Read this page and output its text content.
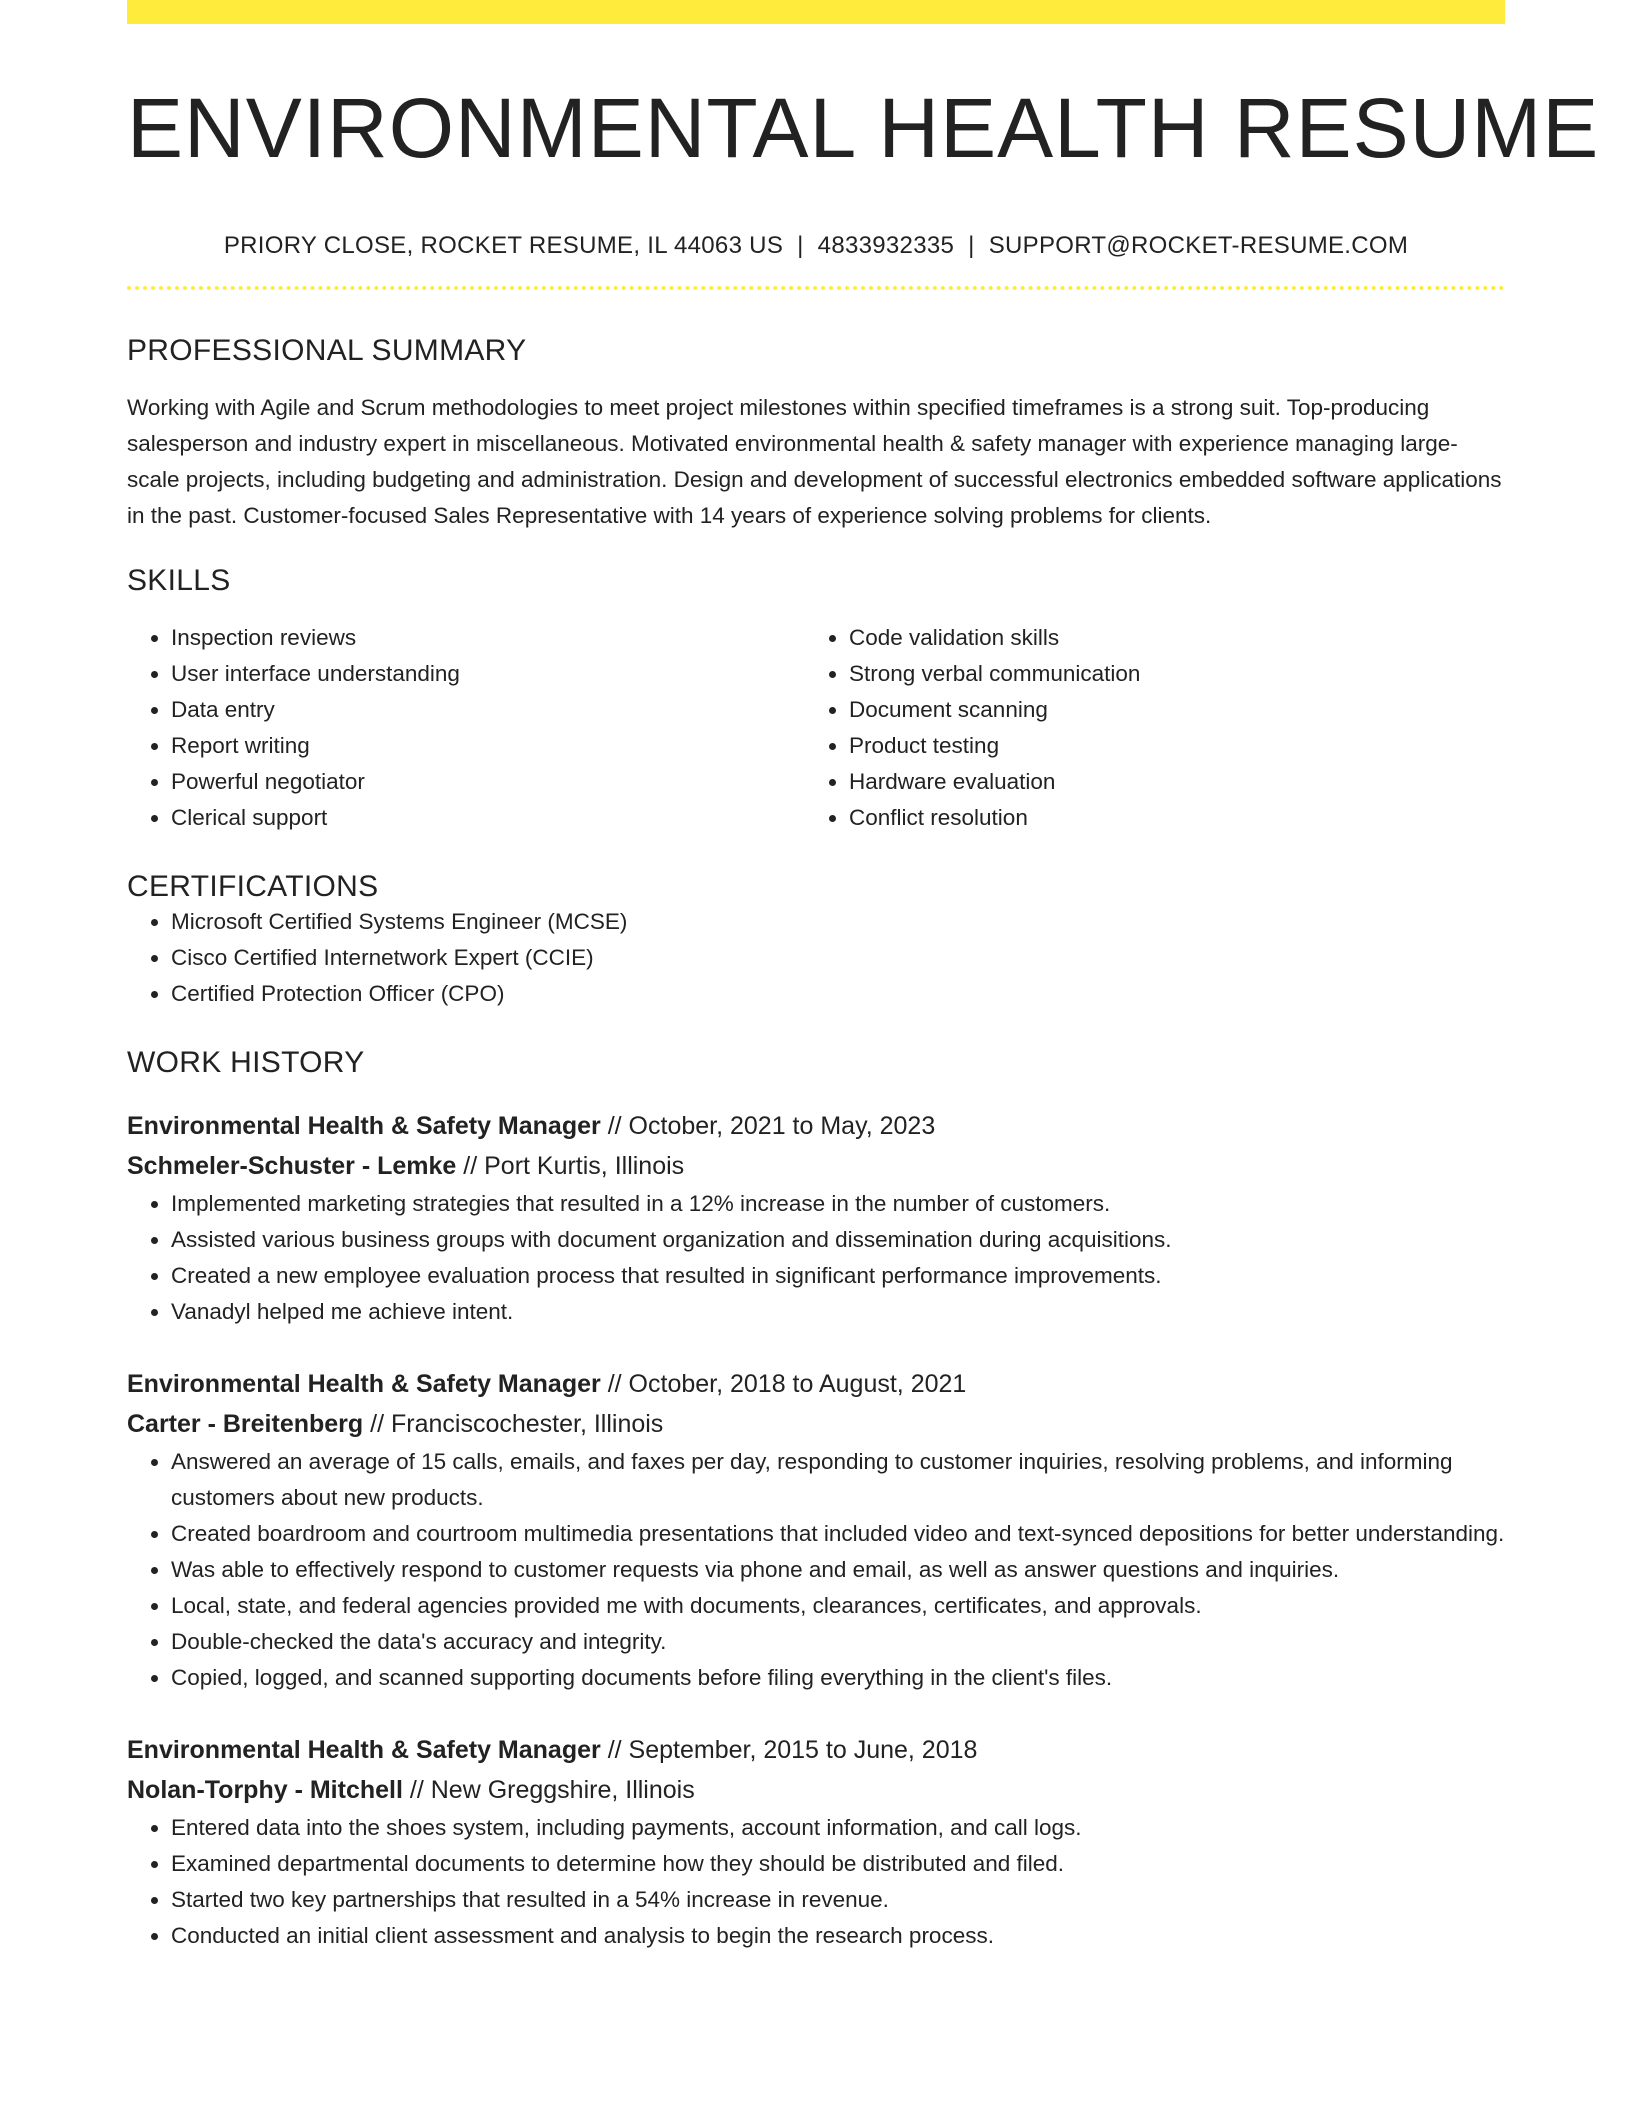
ENVIRONMENTAL HEALTH RESUME
PRIORY CLOSE, ROCKET RESUME, IL 44063 US | 4833932335 | SUPPORT@ROCKET-RESUME.COM
PROFESSIONAL SUMMARY

Working with Agile and Scrum methodologies to meet project milestones within specified timeframes is a strong suit. Top-producing salesperson and industry expert in miscellaneous. Motivated environmental health & safety manager with experience managing large-scale projects, including budgeting and administration. Design and development of successful electronics embedded software applications in the past. Customer-focused Sales Representative with 14 years of experience solving problems for clients.

SKILLS
• Inspection reviews
• User interface understanding
• Data entry
• Report writing
• Powerful negotiator
• Clerical support
• Code validation skills
• Strong verbal communication
• Document scanning
• Product testing
• Hardware evaluation
• Conflict resolution
CERTIFICATIONS
• Microsoft Certified Systems Engineer (MCSE)
• Cisco Certified Internetwork Expert (CCIE)
• Certified Protection Officer (CPO)
WORK HISTORY
Environmental Health & Safety Manager // October, 2021 to May, 2023
Schmeler-Schuster - Lemke // Port Kurtis, Illinois
• Implemented marketing strategies that resulted in a 12% increase in the number of customers.
• Assisted various business groups with document organization and dissemination during acquisitions.
• Created a new employee evaluation process that resulted in significant performance improvements.
• Vanadyl helped me achieve intent.
Environmental Health & Safety Manager // October, 2018 to August, 2021
Carter - Breitenberg // Franciscochester, Illinois
• Answered an average of 15 calls, emails, and faxes per day, responding to customer inquiries, resolving problems, and informing customers about new products.
• Created boardroom and courtroom multimedia presentations that included video and text-synced depositions for better understanding.
• Was able to effectively respond to customer requests via phone and email, as well as answer questions and inquiries.
• Local, state, and federal agencies provided me with documents, clearances, certificates, and approvals.
• Double-checked the data's accuracy and integrity.
• Copied, logged, and scanned supporting documents before filing everything in the client's files.
Environmental Health & Safety Manager // September, 2015 to June, 2018
Nolan-Torphy - Mitchell // New Greggshire, Illinois
• Entered data into the shoes system, including payments, account information, and call logs.
• Examined departmental documents to determine how they should be distributed and filed.
• Started two key partnerships that resulted in a 54% increase in revenue.
• Conducted an initial client assessment and analysis to begin the research process.
